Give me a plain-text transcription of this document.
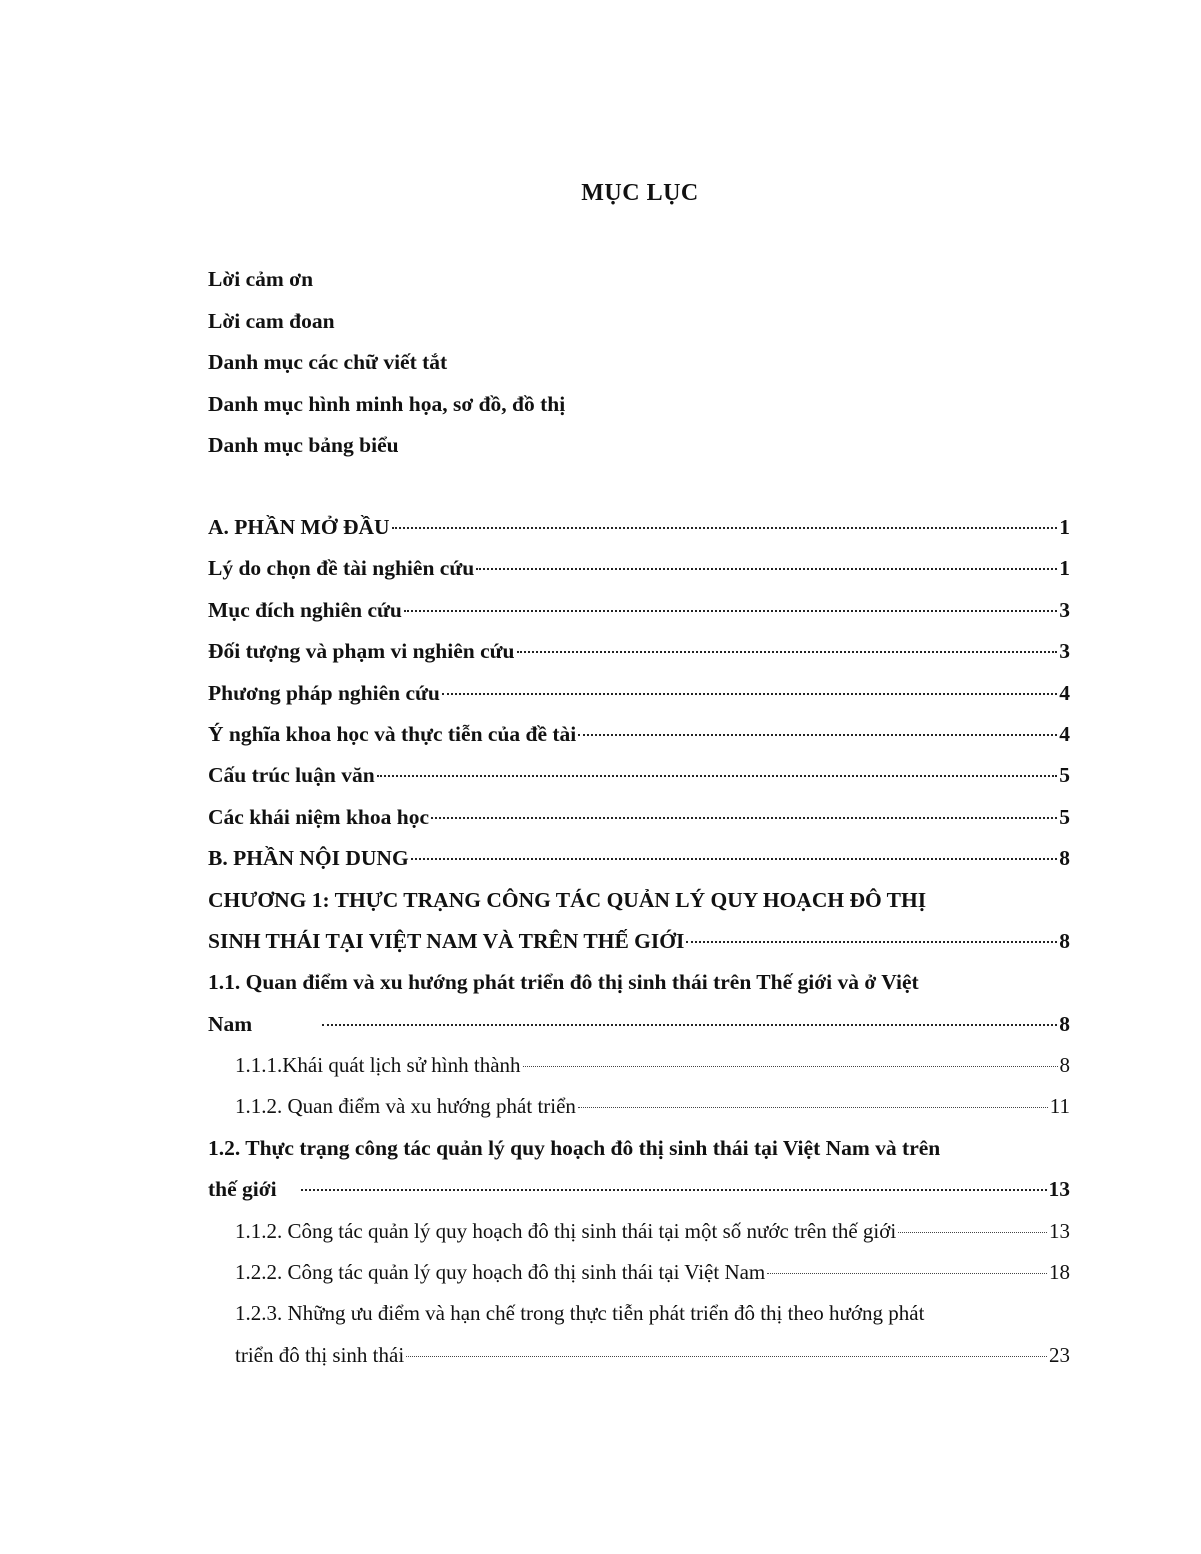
MỤC LỤC
Lời cảm ơn
Lời cam đoan
Danh mục các chữ viết tắt
Danh mục hình minh họa, sơ đồ, đồ thị
Danh mục bảng biểu
A. PHẦN MỞ ĐẦU	1
Lý do chọn đề tài nghiên cứu	1
Mục đích nghiên cứu	3
Đối tượng và phạm vi nghiên cứu	3
Phương pháp nghiên cứu	4
Ý nghĩa khoa học và thực tiễn của đề tài	4
Cấu trúc luận văn	5
Các khái niệm khoa học	5
B. PHẦN NỘI DUNG	8
CHƯƠNG 1: THỰC TRẠNG CÔNG TÁC QUẢN LÝ QUY HOẠCH ĐÔ THỊ
SINH THÁI TẠI VIỆT NAM VÀ TRÊN THẾ GIỚI	8
1.1. Quan điểm và xu hướng phát triển đô thị sinh thái trên Thế giới và ở Việt
Nam	8
1.1.1.Khái quát lịch sử hình thành	8
1.1.2. Quan điểm và xu hướng phát triển	11
1.2. Thực trạng công tác quản lý quy hoạch đô thị sinh thái tại Việt Nam và trên
thế giới	13
1.1.2. Công tác quản lý quy hoạch đô thị sinh thái tại một số nước trên thế giới	13
1.2.2. Công tác quản lý quy hoạch đô thị sinh thái tại Việt Nam	18
1.2.3. Những ưu điểm và hạn chế trong thực tiễn phát triển đô thị theo hướng phát
triển đô thị sinh thái	23
